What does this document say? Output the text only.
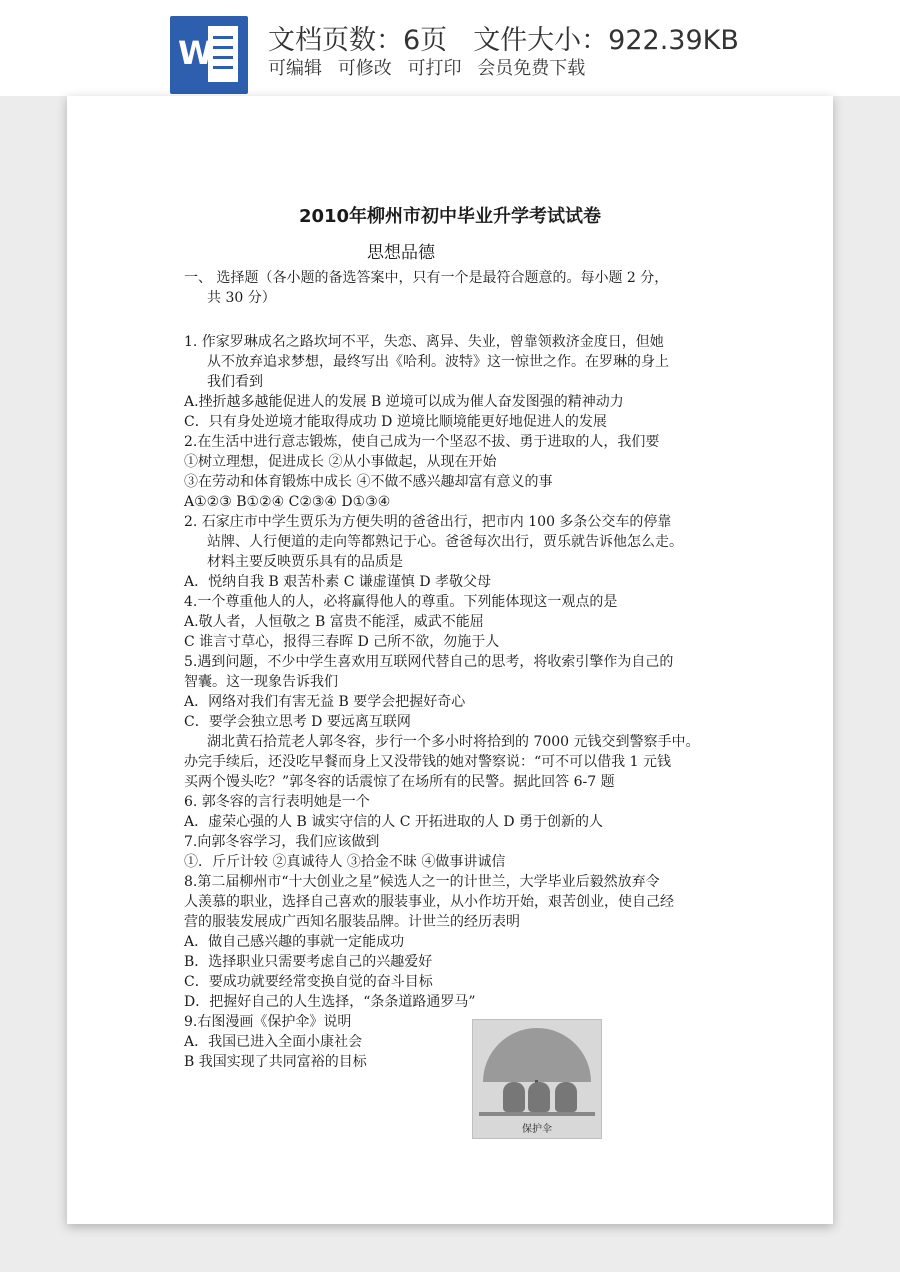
W 文档页数：6页 文件大小：922.39KB
可编辑 可修改 可打印 会员免费下载
2010年柳州市初中毕业升学考试试卷
思想品德
一、 选择题（各小题的备选答案中，只有一个是最符合题意的。每小题 2 分，
共 30 分）
1. 作家罗琳成名之路坎坷不平，失恋、离异、失业，曾靠领救济金度日，但她
从不放弃追求梦想，最终写出《哈利。波特》这一惊世之作。在罗琳的身上
我们看到
A.挫折越多越能促进人的发展 B 逆境可以成为催人奋发图强的精神动力
C．只有身处逆境才能取得成功 D 逆境比顺境能更好地促进人的发展
2.在生活中进行意志锻炼，使自己成为一个坚忍不拔、勇于进取的人，我们要
①树立理想，促进成长 ②从小事做起，从现在开始
③在劳动和体育锻炼中成长 ④不做不感兴趣却富有意义的事
A①②③ B①②④ C②③④ D①③④
2. 石家庄市中学生贾乐为方便失明的爸爸出行，把市内 100 多条公交车的停靠
站牌、人行便道的走向等都熟记于心。爸爸每次出行，贾乐就告诉他怎么走。
材料主要反映贾乐具有的品质是
A．悦纳自我 B 艰苦朴素 C 谦虚谨慎 D 孝敬父母
4.一个尊重他人的人，必将赢得他人的尊重。下列能体现这一观点的是
A.敬人者，人恒敬之 B 富贵不能淫，威武不能屈
C 谁言寸草心，报得三春晖 D 己所不欲，勿施于人
5.遇到问题，不少中学生喜欢用互联网代替自己的思考，将收索引擎作为自己的
智囊。这一现象告诉我们
A．网络对我们有害无益 B 要学会把握好奇心
C．要学会独立思考 D 要远离互联网
湖北黄石拾荒老人郭冬容，步行一个多小时将拾到的 7000 元钱交到警察手中。
办完手续后，还没吃早餐而身上又没带钱的她对警察说：“可不可以借我 1 元钱
买两个馒头吃？”郭冬容的话震惊了在场所有的民警。据此回答 6-7 题
6. 郭冬容的言行表明她是一个
A．虚荣心强的人 B 诚实守信的人 C 开拓进取的人 D 勇于创新的人
7.向郭冬容学习，我们应该做到
①．斤斤计较 ②真诚待人 ③拾金不昧 ④做事讲诚信
8.第二届柳州市“十大创业之星”候选人之一的计世兰，大学毕业后毅然放弃令
人羡慕的职业，选择自己喜欢的服装事业，从小作坊开始，艰苦创业，使自己经
营的服装发展成广西知名服装品牌。计世兰的经历表明
A．做自己感兴趣的事就一定能成功
B．选择职业只需要考虑自己的兴趣爱好
C．要成功就要经常变换自觉的奋斗目标
D．把握好自己的人生选择，“条条道路通罗马”
9.右图漫画《保护伞》说明
A．我国已进入全面小康社会
B 我国实现了共同富裕的目标
保护伞
